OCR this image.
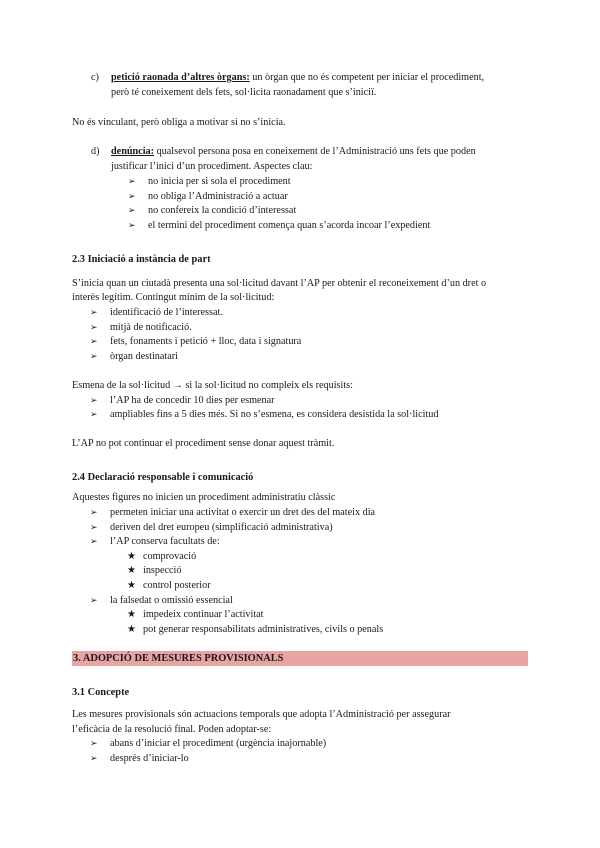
c) petició raonada d’altres òrgans: un òrgan que no és competent per iniciar el procediment,
però té coneixement dels fets, sol·licita raonadament que s’iniciï.
No és vinculant, però obliga a motivar si no s’inicia.
d) denúncia: qualsevol persona posa en coneixement de l’Administració uns fets que poden
justificar l’inici d’un procediment. Aspectes clau:
➢ no inicia per si sola el procediment
➢ no obliga l’Administració a actuar
➢ no confereix la condició d’interessat
➢ el termini del procediment comença quan s’acorda incoar l’expedient
2.3 Iniciació a instància de part
S’inicia quan un ciutadà presenta una sol·licitud davant l’AP per obtenir el reconeixement d’un dret o
interès legítim. Contingut mínim de la sol·licitud:
➢ identificació de l’interessat.
➢ mitjà de notificació.
➢ fets, fonaments i petició + lloc, data i signatura
➢ òrgan destinatari
Esmena de la sol·licitud → si la sol·licitud no compleix els requisits:
➢ l’AP ha de concedir 10 dies per esmenar
➢ ampliables fins a 5 dies més. Si no s’esmena, es considera desistida la sol·licitud
L’AP no pot continuar el procediment sense donar aquest tràmit.
2.4 Declaració responsable i comunicació
Aquestes figures no inicien un procediment administratiu clàssic
➢ permeten iniciar una activitat o exercir un dret des del mateix dia
➢ deriven del dret europeu (simplificació administrativa)
➢ l’AP conserva facultats de:
★ comprovació
★ inspecció
★ control posterior
➢ la falsedat o omissió essencial
★ impedeix continuar l’activitat
★ pot generar responsabilitats administratives, civils o penals
3. ADOPCIÓ DE MESURES PROVISIONALS
3.1 Concepte
Les mesures provisionals són actuacions temporals que adopta l’Administració per assegurar
l’eficàcia de la resolució final. Poden adoptar-se:
➢ abans d’iniciar el procediment (urgència inajornable)
➢ després d’iniciar-lo
